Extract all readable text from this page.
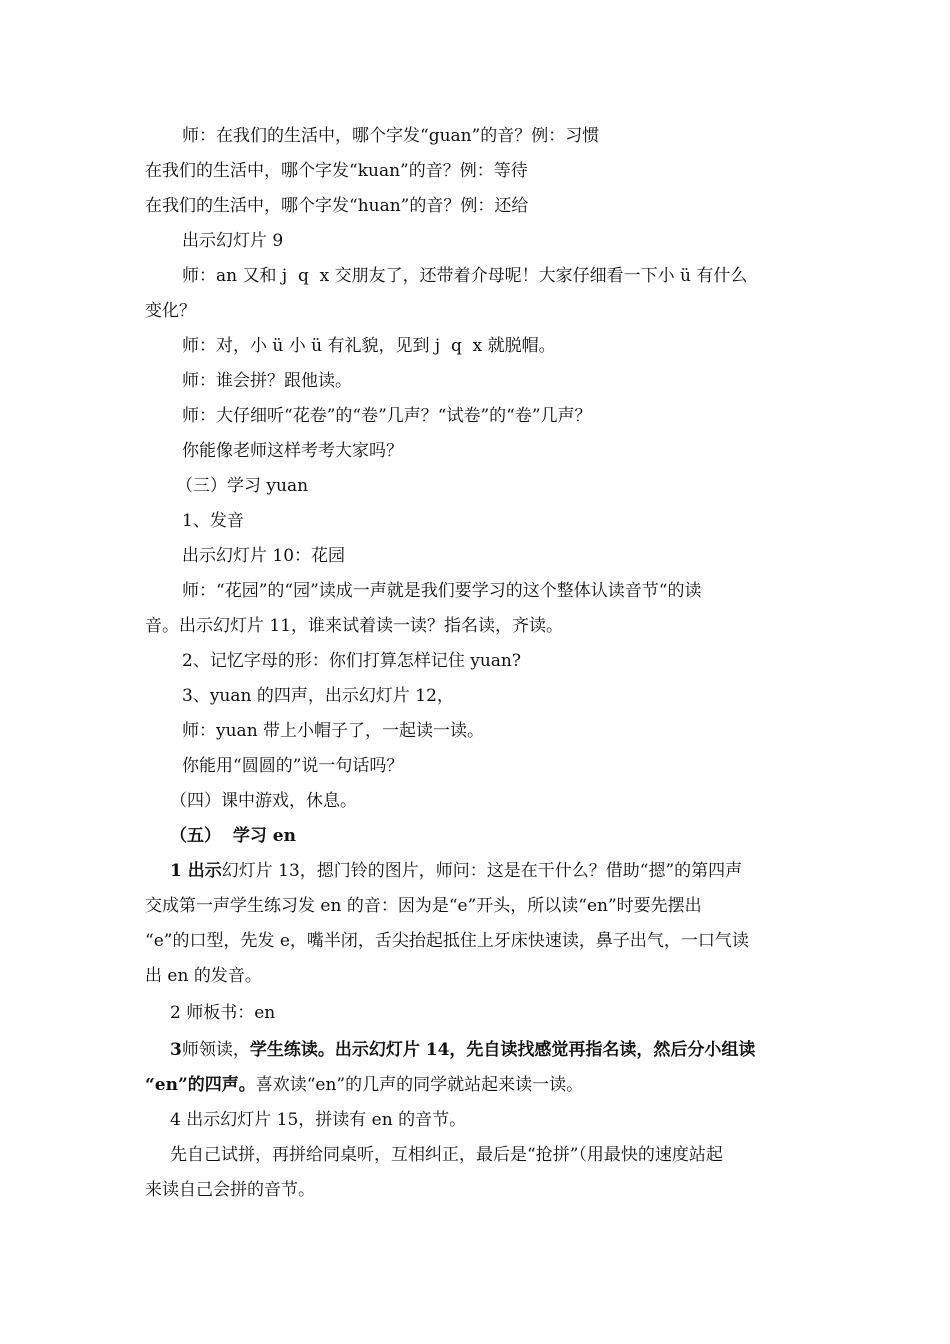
师：在我们的生活中，哪个字发“guan”的音？例：习惯
在我们的生活中，哪个字发“kuan”的音？例：等待
在我们的生活中，哪个字发“huan”的音？例：还给
出示幻灯片 9
师：an 又和 j  q  x 交朋友了，还带着介母呢！大家仔细看一下小 ü 有什么
变化？
师：对，小 ü 小 ü 有礼貌，见到 j  q  x 就脱帽。
师：谁会拼？跟他读。
师：大仔细听“花卷”的“卷”几声？“试卷”的“卷”几声？
你能像老师这样考考大家吗？
（三）学习 yuan
1、发音
出示幻灯片 10：花园
师：“花园”的“园”读成一声就是我们要学习的这个整体认读音节“的读
音。出示幻灯片 11，谁来试着读一读？指名读，齐读。
2、记忆字母的形：你们打算怎样记住 yuan?
3、yuan 的四声，出示幻灯片 12，
师：yuan 带上小帽子了，一起读一读。
你能用“圆圆的”说一句话吗？
（四）课中游戏，休息。
（五）  学习 en
1 出示幻灯片 13，摁门铃的图片，师问：这是在干什么？借助“摁”的第四声
交成第一声学生练习发 en 的音：因为是“e”开头，所以读“en”时要先摆出
“e”的口型，先发 e，嘴半闭，舌尖抬起抵住上牙床快速读，鼻子出气，一口气读
出 en 的发音。
2 师板书：en
3师领读，学生练读。出示幻灯片 14，先自读找感觉再指名读，然后分小组读
“en”的四声。喜欢读“en”的几声的同学就站起来读一读。
4 出示幻灯片 15，拼读有 en 的音节。
先自己试拼，再拼给同桌听，互相纠正，最后是“抢拼”（用最快的速度站起
来读自己会拼的音节。
